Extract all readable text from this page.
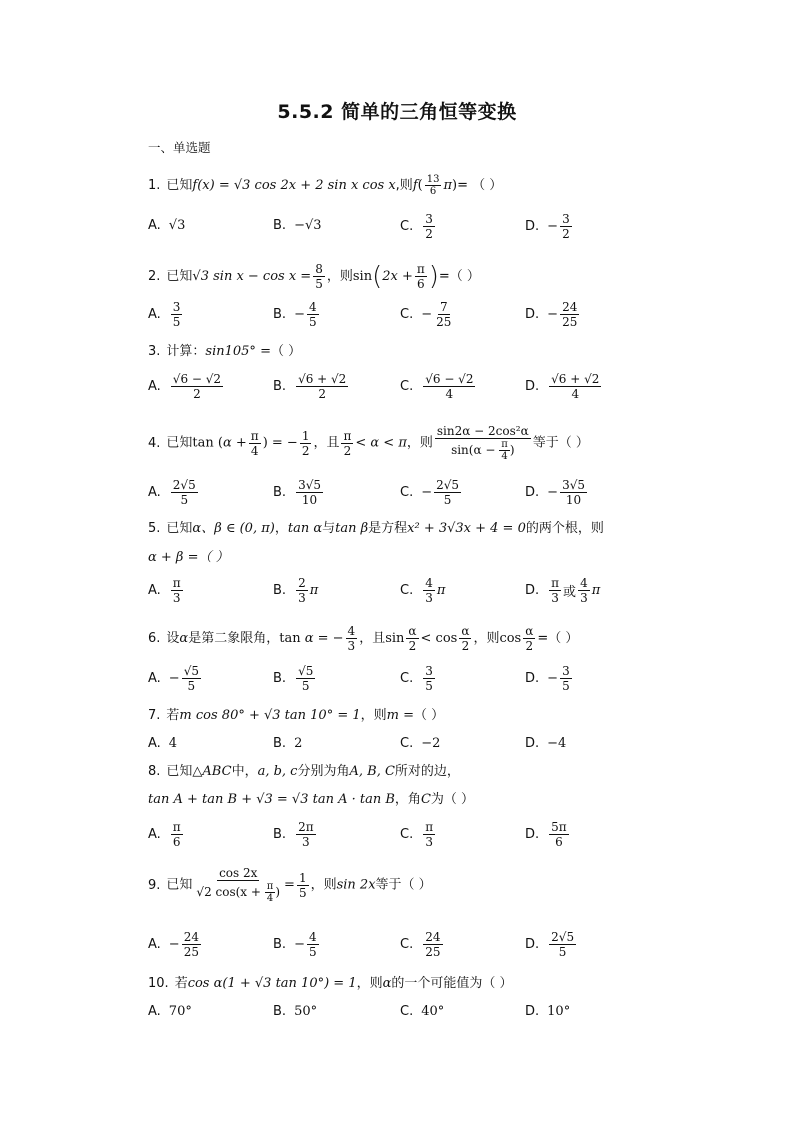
5.5.2 简单的三角恒等变换
一、单选题
1. 已知f(x) = √3 cos 2x + 2 sin x cos x,则$f( \frac{13}{6} \pi)=$ （ ）
A. √3	B. −√3	C. $\frac{3}{2}$	D. − $\frac{3}{2}$
2. 已知√3 $\sin x - \cos x = \frac{8}{5}$ ，则$\sin(2x + \frac{\pi}{6}$ )=（ ）
A. $\frac{3}{5}$	B. − $\frac{4}{5}$	C. − $\frac{7}{25}$	D. − $\frac{24}{25}$
3. 计算：sin105° =（ ）
A. $\frac{√6 - √2}{2}$	B. $\frac{√6 + √2}{2}$	C. $\frac{√6 - √2}{4}$	D. $\frac{√6 + √2}{4}$
4. 已知$\tan (\alpha + \frac{\pi}{4}$ ) = − $\frac{1}{2}$ ，且 $\frac{\pi}{2} < \alpha < \pi$，则 $\frac{\text{sin2α − 2cos²α}}{\sin(\alpha - \frac{\pi}{4} )}$ 等于（ ）
A. $\frac{2√5}{5}$	B. $\frac{3√5}{10}$	C. − $\frac{2√5}{5}$	D. − $\frac{3√5}{10}$
5. 已知α、β ∈ (0, π)，tan α与tan β是方程x² + 3√3x + 4 = 0的两个根，则
α + β =（ ）
A. $\frac{\pi}{3}$	B. $\frac{2}{3}$ π	C. $\frac{4}{3}$ π	D. $\frac{\pi}{3}$ 或 $\frac{4}{3}$ π
6. 设α是第二象限角，tan α = − $\frac{4}{3}$ ，且$\sin \frac{\alpha}{2} < \cos \frac{\alpha}{2}$ ，则$\cos \frac{\alpha}{2}$ =（ ）
A. − $\frac{√5}{5}$	B. $\frac{√5}{5}$	C. $\frac{3}{5}$	D. − $\frac{3}{5}$
7. 若m cos 80° + √3 tan 10° = 1，则m =（ ）
A. 4	B. 2	C. −2	D. −4
8. 已知△ABC中，a, b, c分别为角A, B, C所对的边，
tan A + tan B + √3 = √3 tan A · tan B，角C为（ ）
A. $\frac{\pi}{6}$	B. $\frac{2\pi}{3}$	C. $\frac{\pi}{3}$	D. $\frac{5\pi}{6}$
9. 已知 $\frac{\cos 2x}{√2 \cos(x + \frac{\pi}{4} )} = \frac{1}{5}$ ，则sin 2x等于（ ）
A. − $\frac{24}{25}$	B. − $\frac{4}{5}$	C. $\frac{24}{25}$	D. $\frac{2√5}{5}$
10. 若cos α(1 + √3 tan 10°) = 1，则α的一个可能值为（ ）
A. 70°	B. 50°	C. 40°	D. 10°
